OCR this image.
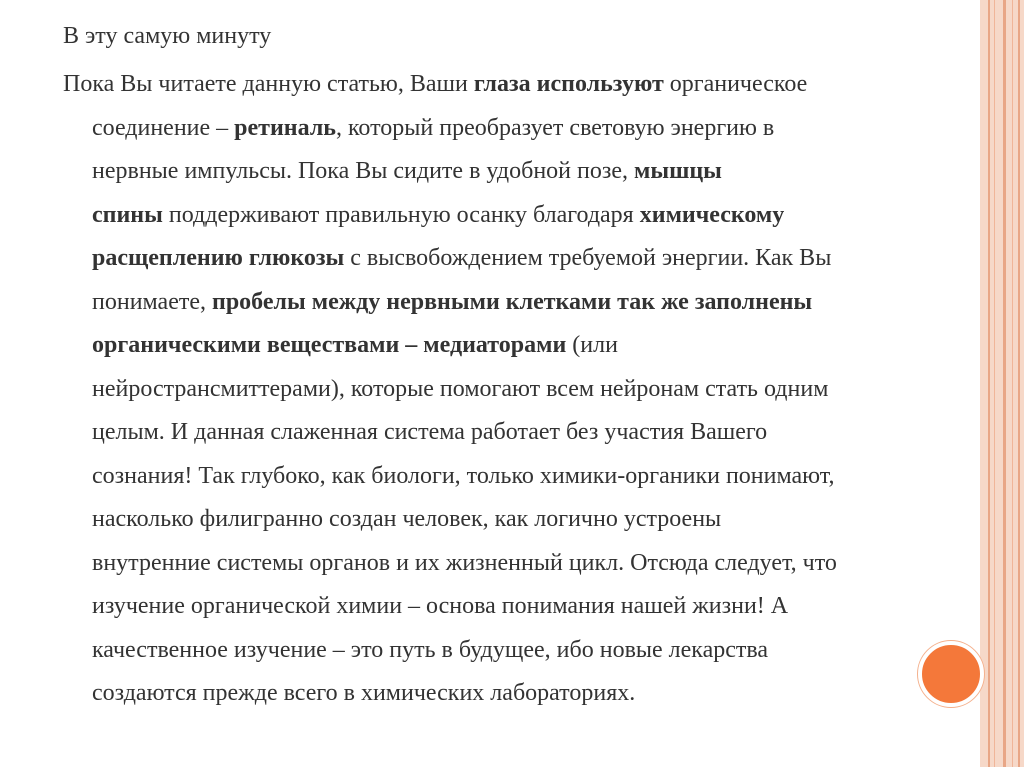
В эту самую минуту
Пока Вы читаете данную статью, Ваши глаза используют органическое
соединение – ретиналь, который преобразует световую энергию в
нервные импульсы. Пока Вы сидите в удобной позе, мышцы
спины поддерживают правильную осанку благодаря химическому
расщеплению глюкозы с высвобождением требуемой энергии. Как Вы
понимаете, пробелы между нервными клетками так же заполнены
органическими веществами – медиаторами (или
нейространcмиттерами), которые помогают всем нейронам стать одним
целым. И данная слаженная система работает без участия Вашего
сознания! Так глубоко, как биологи, только химики-органики понимают,
насколько филигранно создан человек, как логично устроены
внутренние системы органов и их жизненный цикл. Отсюда следует, что
изучение органической химии – основа понимания нашей жизни! А
качественное изучение – это путь в будущее, ибо новые лекарства
создаются прежде всего в химических лабораториях.
